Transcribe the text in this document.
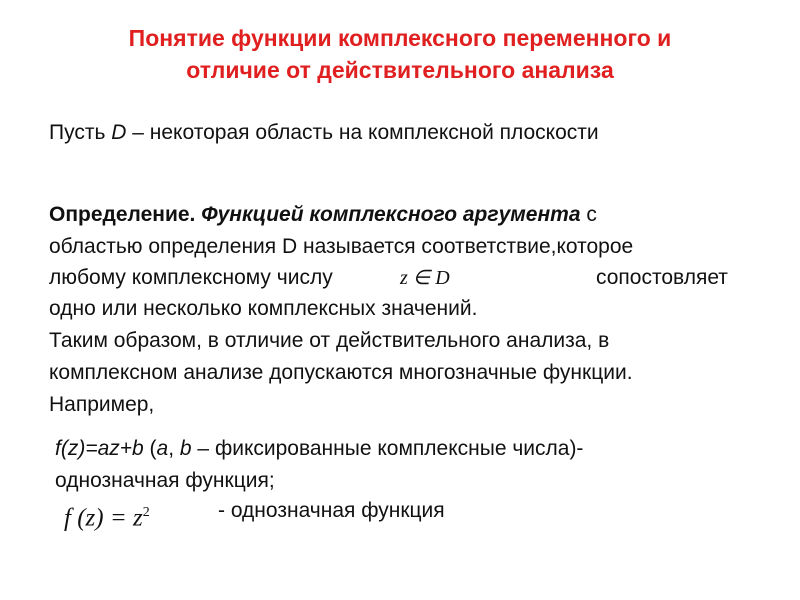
Понятие функции комплексного переменного и
отличие от действительного анализа
Пусть D – некоторая область на комплексной плоскости
Определение. Функцией комплексного аргумента с
областью определения D называется соответствие,которое
любому комплексному числу	z ∈ D	сопостовляет
одно или несколько комплексных значений.
Таким образом, в отличие от действительного анализа, в
комплексном анализе допускаются многозначные функции.
Например,
f(z)=az+b (a, b – фиксированные комплексные числа)-
однозначная функция;
f $(z) = z^2$	- однозначная функция
